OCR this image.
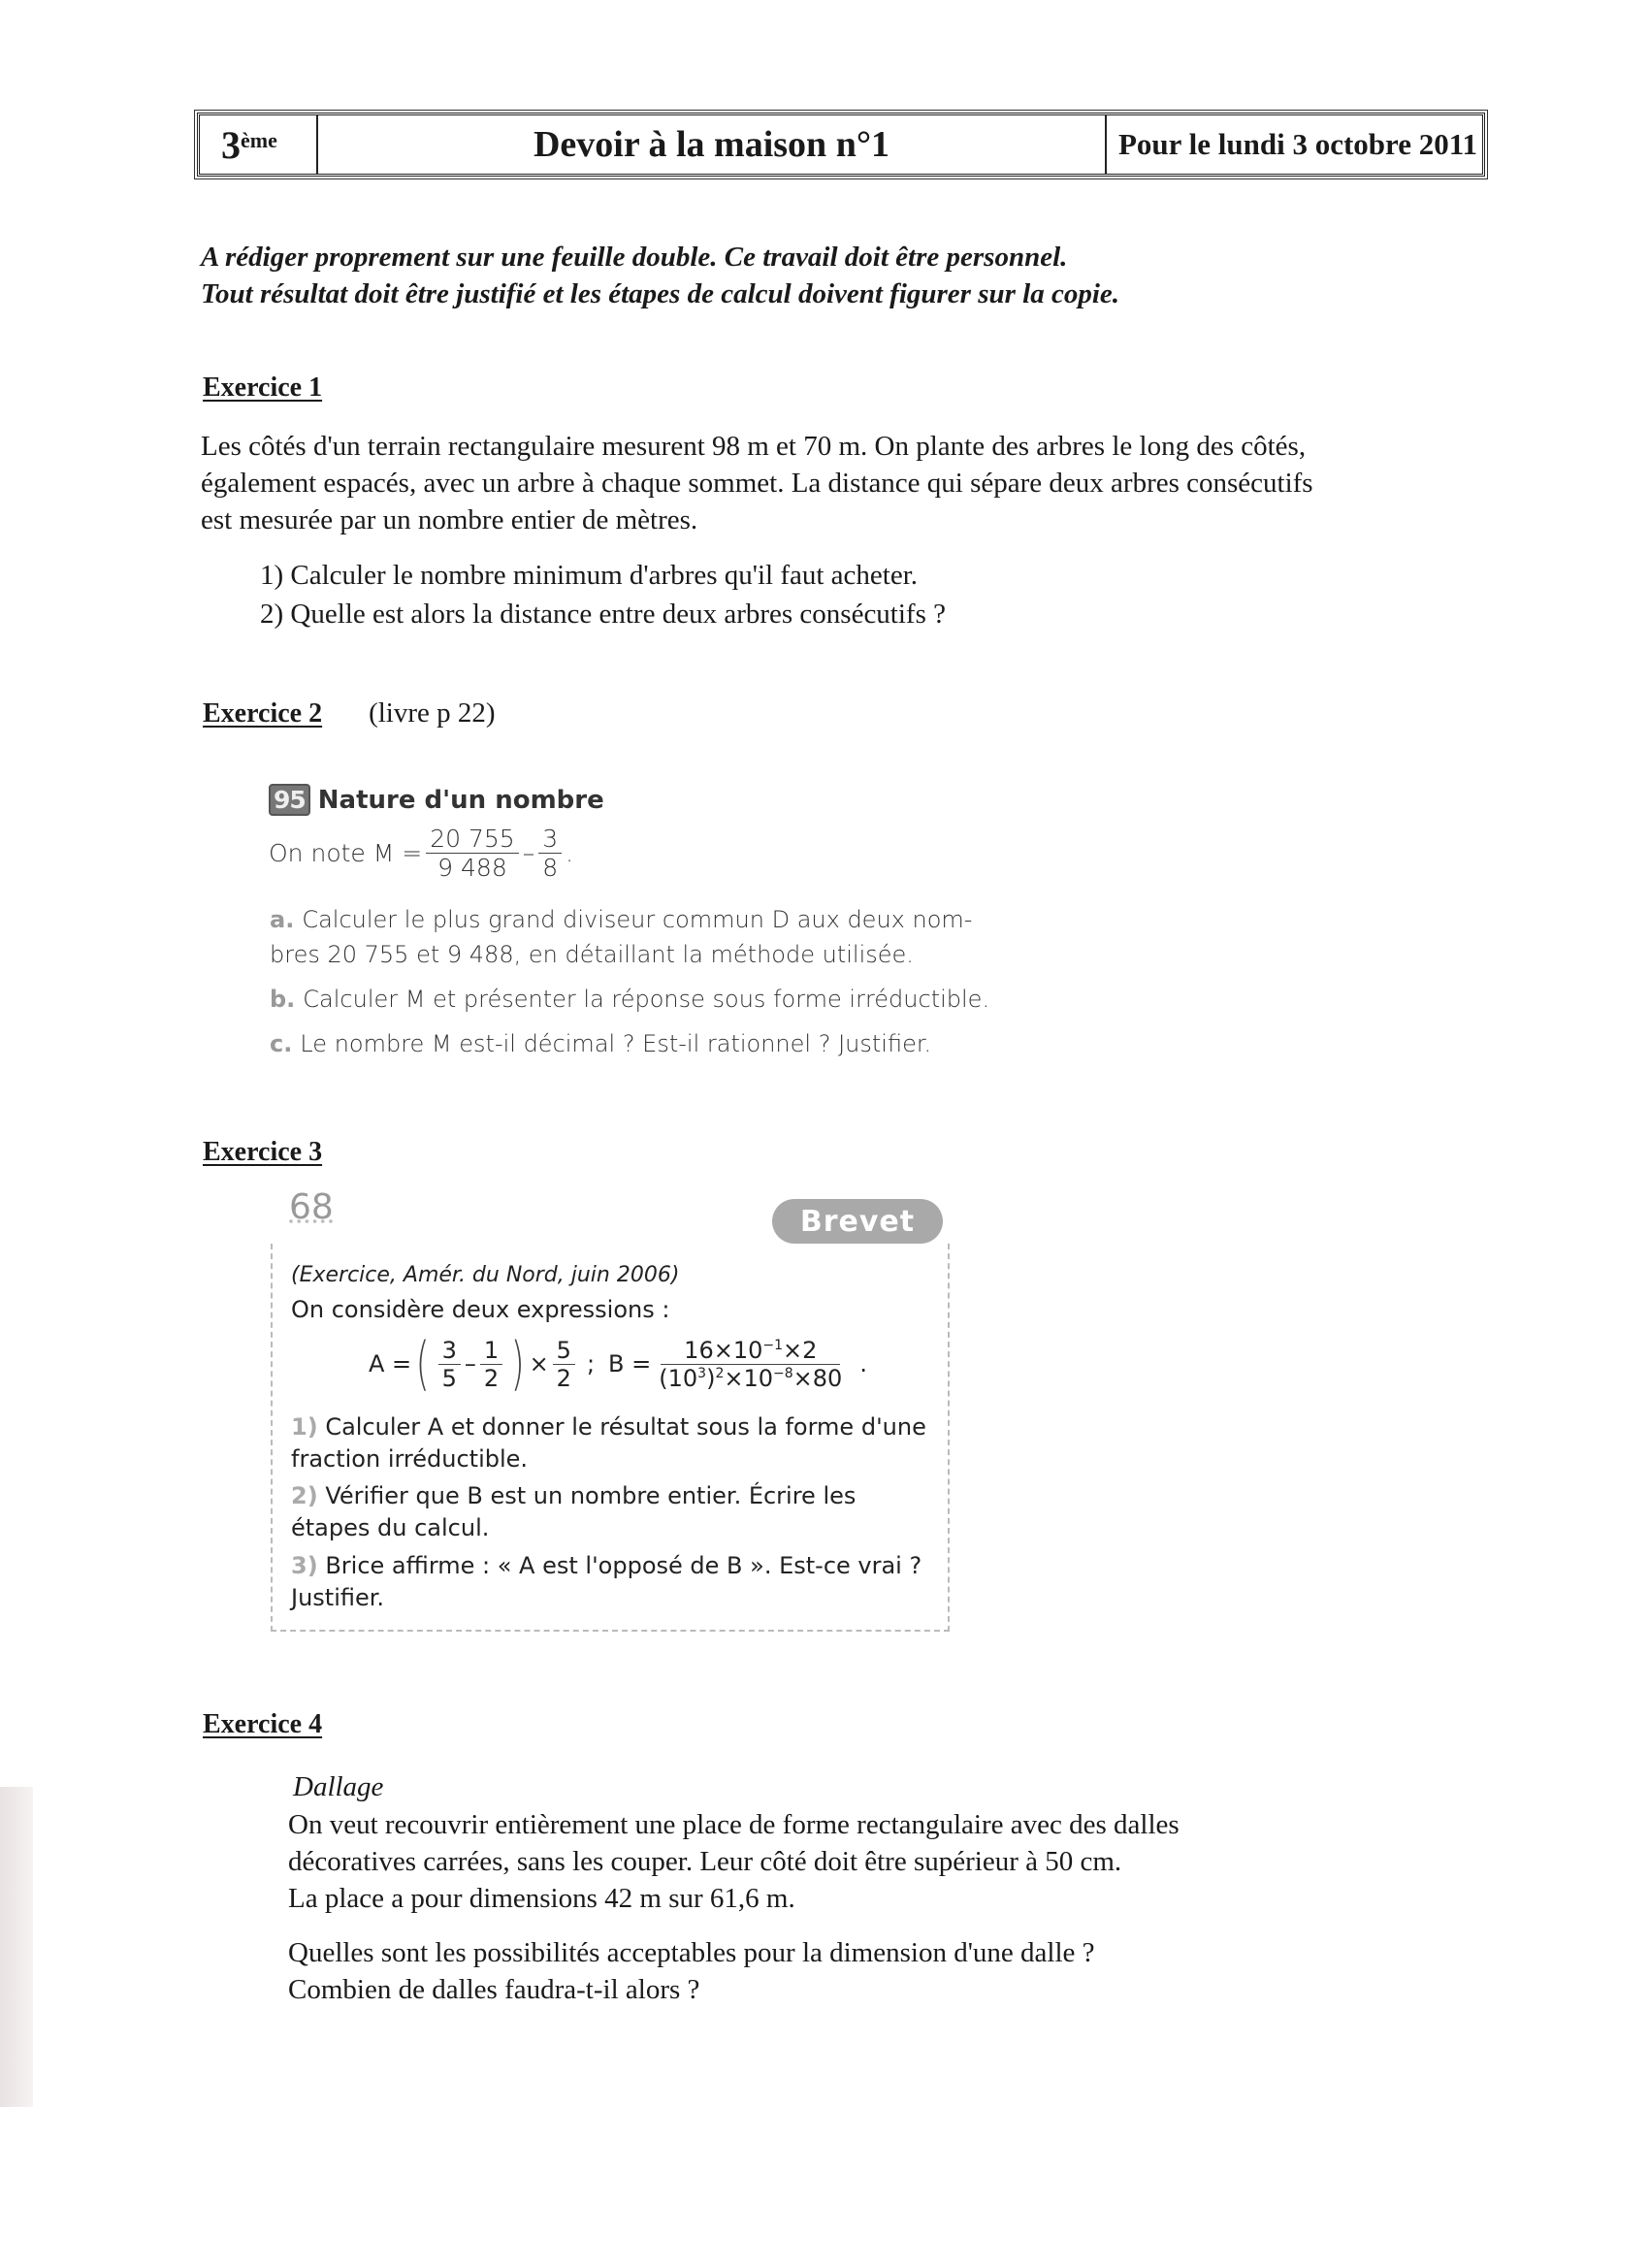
3ème	Devoir à la maison n°1	Pour le lundi 3 octobre 2011
A rédiger proprement sur une feuille double. Ce travail doit être personnel.
Tout résultat doit être justifié et les étapes de calcul doivent figurer sur la copie.
Exercice 1

Les côtés d'un terrain rectangulaire mesurent 98 m et 70 m. On plante des arbres le long des côtés,

également espacés, avec un arbre à chaque sommet. La distance qui sépare deux arbres consécutifs

est mesurée par un nombre entier de mètres.

1) Calculer le nombre minimum d'arbres qu'il faut acheter.
2) Quelle est alors la distance entre deux arbres consécutifs ?
Exercice 2 (livre p 22)
95 Nature d'un nombre
On note $M = \frac{20 755}{9 488} - \frac{3}{8}$ .
a. Calculer le plus grand diviseur commun D aux deux nom-
bres 20 755 et 9 488, en détaillant la méthode utilisée.
b. Calculer M et présenter la réponse sous forme irréductible.
c. Le nombre M est-il décimal ? Est-il rationnel ? Justifier.
Exercice 3
68	Brevet
(Exercice, Amér. du Nord, juin 2006)
On considère deux expressions :
A = ( $\frac{3}{5} - \frac{1}{2}$ ) × $\frac{5}{2}$ ; $B = \frac{16\times 10^{-1}\times 2}{(10^3)^2\times 10^{-8}\times 80}$ .
1) Calculer A et donner le résultat sous la forme d'une fraction irréductible.
2) Vérifier que B est un nombre entier. Écrire les étapes du calcul.
3) Brice affirme : « A est l'opposé de B ». Est-ce vrai ? Justifier.
Exercice 4
Dallage

On veut recouvrir entièrement une place de forme rectangulaire avec des dalles

décoratives carrées, sans les couper. Leur côté doit être supérieur à 50 cm.

La place a pour dimensions 42 m sur 61,6 m.

Quelles sont les possibilités acceptables pour la dimension d'une dalle ?

Combien de dalles faudra-t-il alors ?
